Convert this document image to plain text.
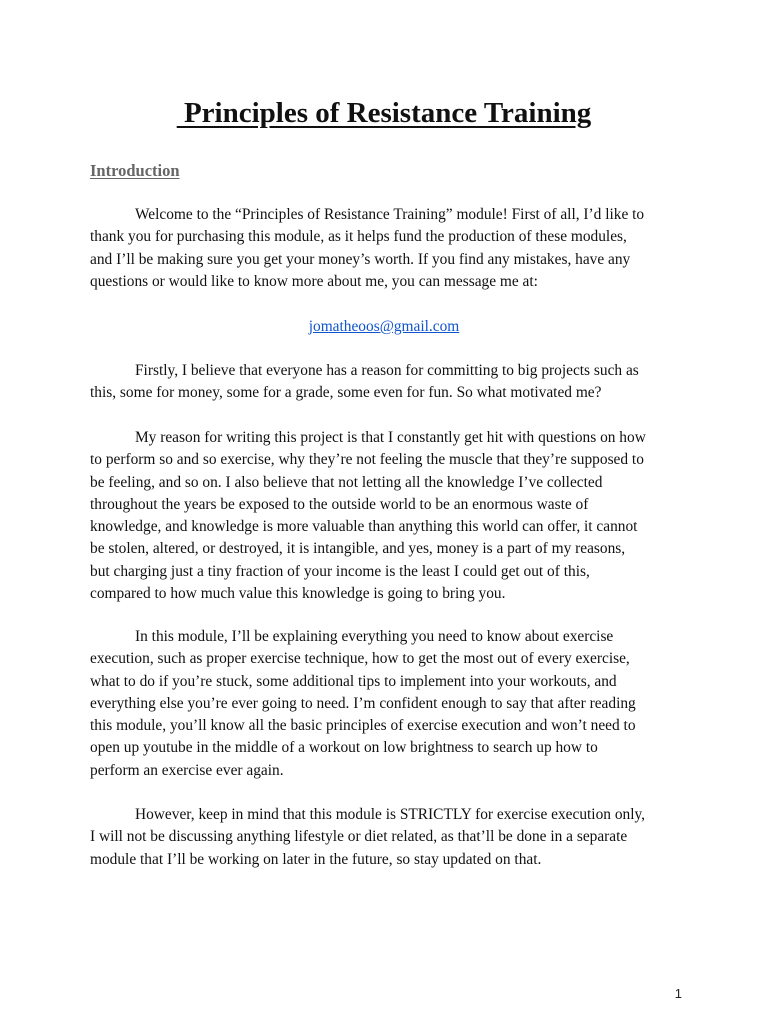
Principles of Resistance Training
Introduction

Welcome to the “Principles of Resistance Training” module! First of all, I’d like to
thank you for purchasing this module, as it helps fund the production of these modules,
and I’ll be making sure you get your money’s worth. If you find any mistakes, have any
questions or would like to know more about me, you can message me at:

jomatheoos@gmail.com

Firstly, I believe that everyone has a reason for committing to big projects such as
this, some for money, some for a grade, some even for fun. So what motivated me?

My reason for writing this project is that I constantly get hit with questions on how
to perform so and so exercise, why they’re not feeling the muscle that they’re supposed to
be feeling, and so on. I also believe that not letting all the knowledge I’ve collected
throughout the years be exposed to the outside world to be an enormous waste of
knowledge, and knowledge is more valuable than anything this world can offer, it cannot
be stolen, altered, or destroyed, it is intangible, and yes, money is a part of my reasons,
but charging just a tiny fraction of your income is the least I could get out of this,
compared to how much value this knowledge is going to bring you.

In this module, I’ll be explaining everything you need to know about exercise
execution, such as proper exercise technique, how to get the most out of every exercise,
what to do if you’re stuck, some additional tips to implement into your workouts, and
everything else you’re ever going to need. I’m confident enough to say that after reading
this module, you’ll know all the basic principles of exercise execution and won’t need to
open up youtube in the middle of a workout on low brightness to search up how to
perform an exercise ever again.

However, keep in mind that this module is STRICTLY for exercise execution only,
I will not be discussing anything lifestyle or diet related, as that’ll be done in a separate
module that I’ll be working on later in the future, so stay updated on that.

1
